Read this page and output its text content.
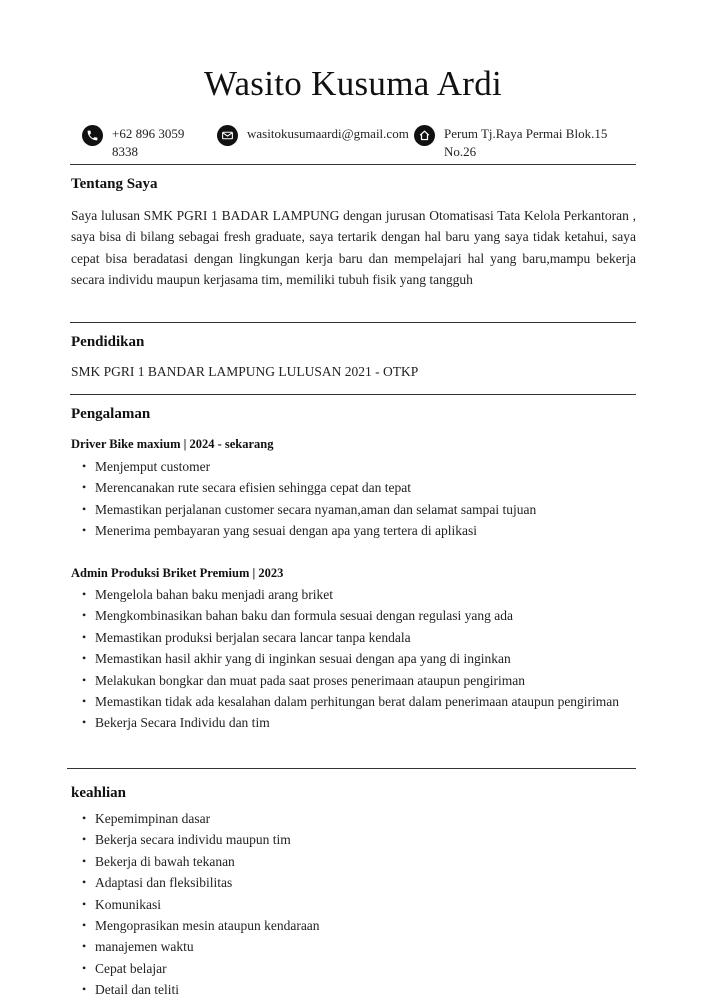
Wasito Kusuma Ardi
+62 896 3059 8338
wasitokusumaardi@gmail.com	Perum Tj.Raya Permai Blok.15 No.26
Tentang Saya

Saya lulusan SMK PGRI 1 BADAR LAMPUNG dengan jurusan Otomatisasi Tata Kelola Perkantoran , saya bisa di bilang sebagai fresh graduate, saya tertarik dengan hal baru yang saya tidak ketahui, saya cepat bisa beradatasi dengan lingkungan kerja baru dan mempelajari hal yang baru,mampu bekerja secara individu maupun kerjasama tim, memiliki tubuh fisik yang tangguh

Pendidikan

SMK PGRI 1 BANDAR LAMPUNG LULUSAN 2021 - OTKP

Pengalaman

Driver Bike maxium | 2024 - sekarang

• Menjemput customer
• Merencanakan rute secara efisien sehingga cepat dan tepat
• Memastikan perjalanan customer secara nyaman,aman dan selamat sampai tujuan
• Menerima pembayaran yang sesuai dengan apa yang tertera di aplikasi

Admin Produksi Briket Premium | 2023

• Mengelola bahan baku menjadi arang briket
• Mengkombinasikan bahan baku dan formula sesuai dengan regulasi yang ada
• Memastikan produksi berjalan secara lancar tanpa kendala
• Memastikan hasil akhir yang di inginkan sesuai dengan apa yang di inginkan
• Melakukan bongkar dan muat pada saat proses penerimaan ataupun pengiriman
• Memastikan tidak ada kesalahan dalam perhitungan berat dalam penerimaan ataupun pengiriman
• Bekerja Secara Individu dan tim
keahlian
• Kepemimpinan dasar
• Bekerja secara individu maupun tim
• Bekerja di bawah tekanan
• Adaptasi dan fleksibilitas
• Komunikasi
• Mengoprasikan mesin ataupun kendaraan
• manajemen waktu
• Cepat belajar
• Detail dan teliti
